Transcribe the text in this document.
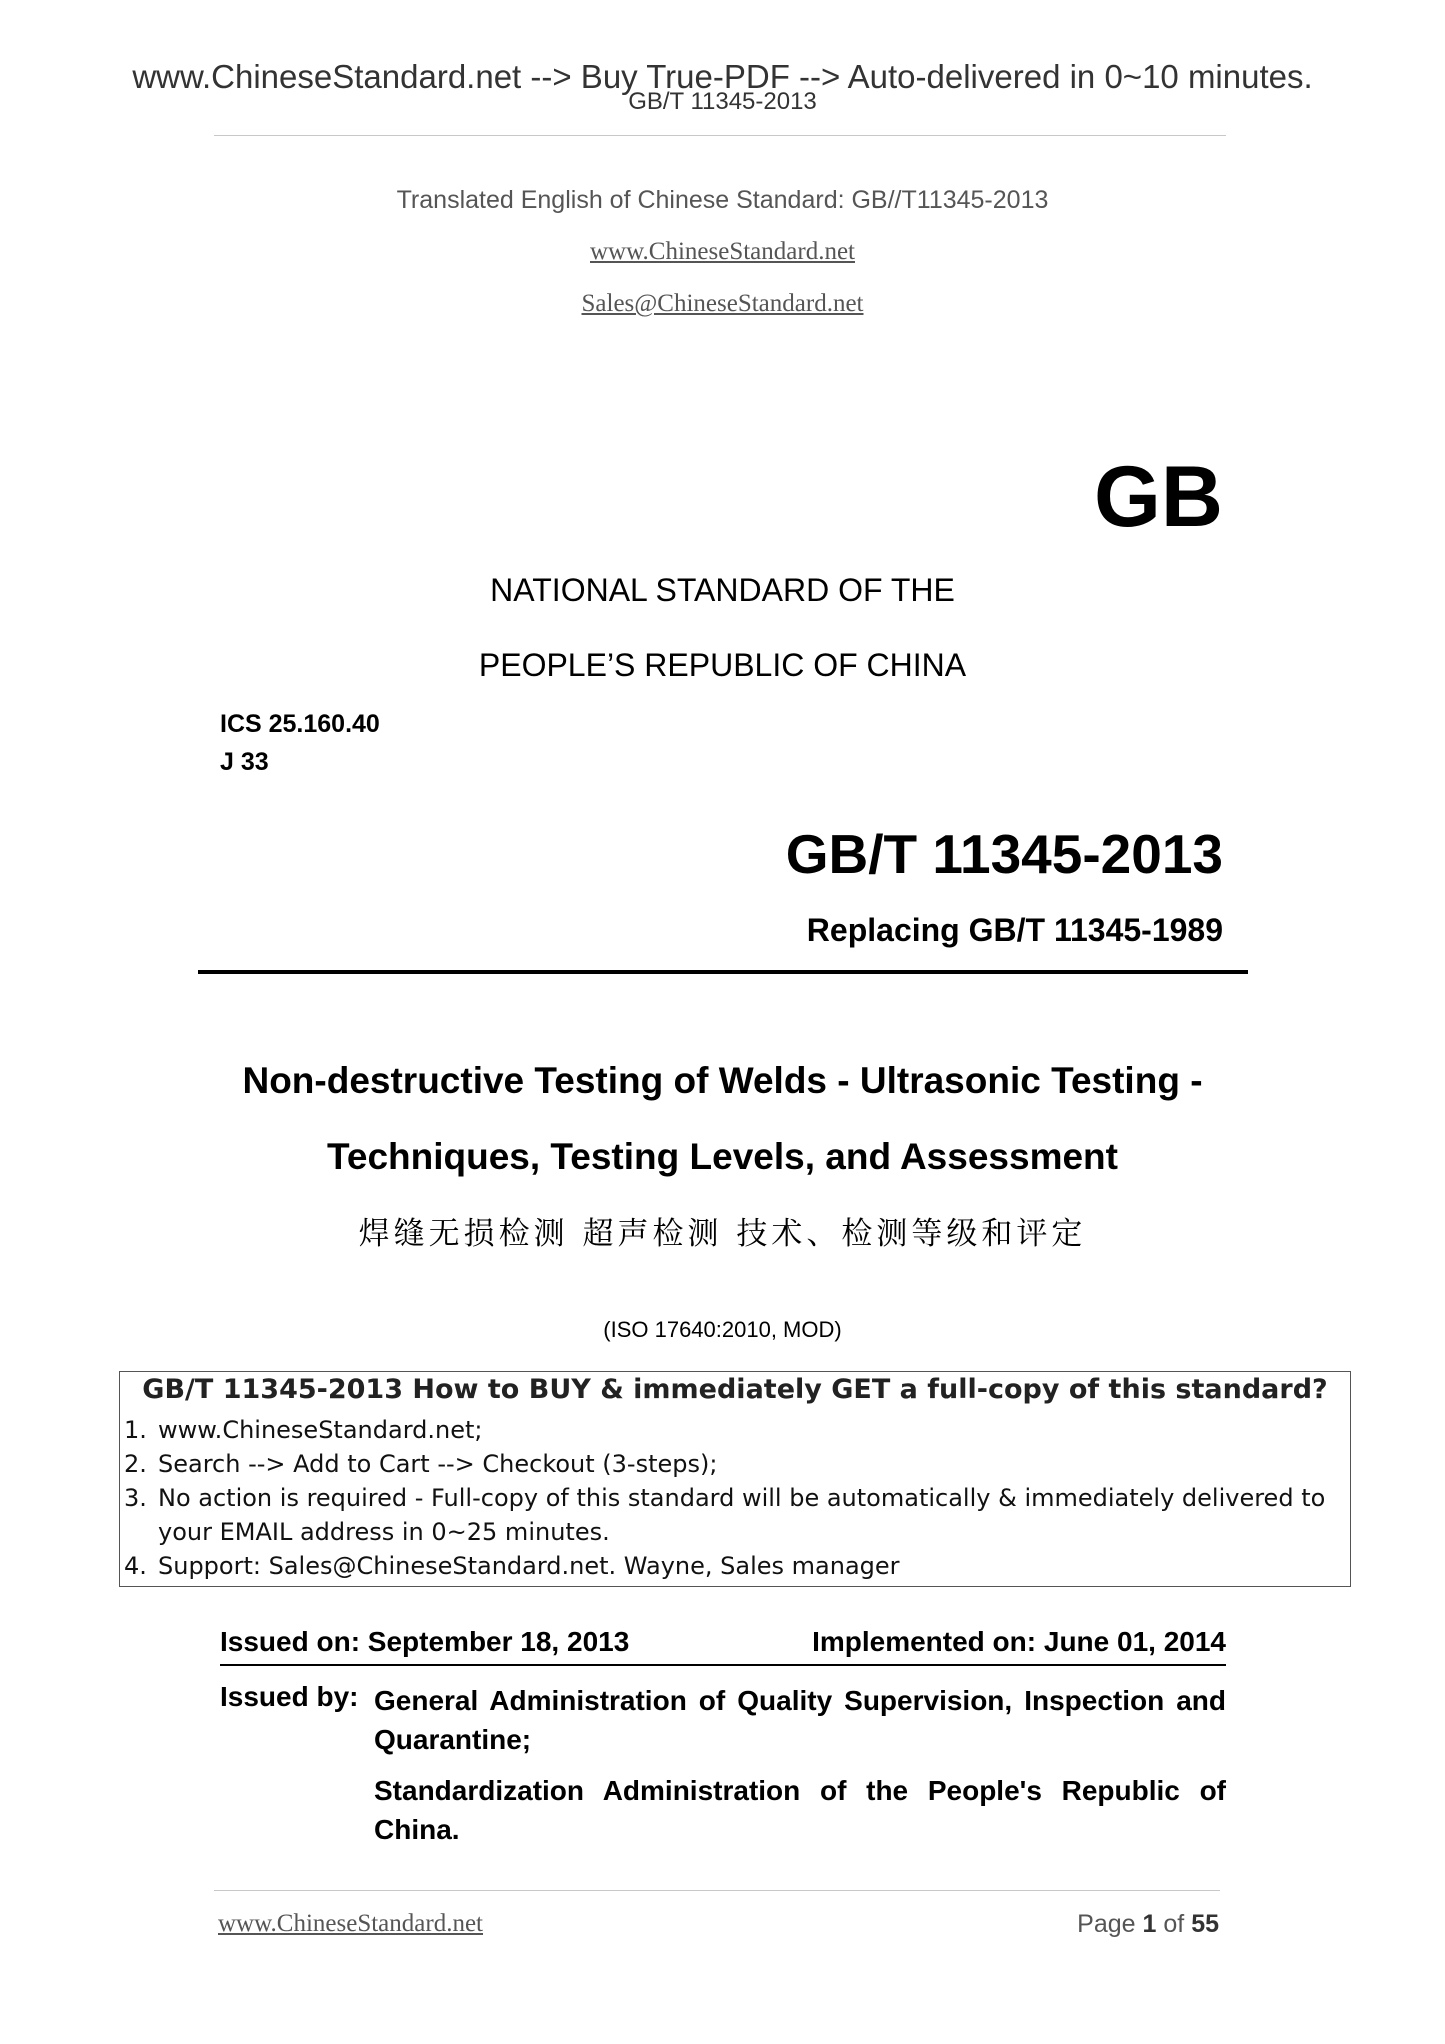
www.ChineseStandard.net --> Buy True-PDF --> Auto-delivered in 0~10 minutes.
GB/T 11345-2013
Translated English of Chinese Standard: GB//T11345-2013
www.ChineseStandard.net
Sales@ChineseStandard.net
GB
NATIONAL STANDARD OF THE
PEOPLE’S REPUBLIC OF CHINA
ICS 25.160.40
J 33
GB/T 11345-2013
Replacing GB/T 11345-1989
Non-destructive Testing of Welds - Ultrasonic Testing -
Techniques, Testing Levels, and Assessment
焊缝无损检测 超声检测 技术、检测等级和评定
(ISO 17640:2010, MOD)
GB/T 11345-2013 How to BUY & immediately GET a full-copy of this standard?
1. www.ChineseStandard.net;
2. Search --> Add to Cart --> Checkout (3-steps);
3. No action is required - Full-copy of this standard will be automatically & immediately delivered to
your EMAIL address in 0~25 minutes.
4. Support: Sales@ChineseStandard.net. Wayne, Sales manager
Issued on: September 18, 2013	Implemented on: June 01, 2014
Issued by: General Administration of Quality Supervision, Inspection and
Quarantine;
Standardization Administration of the People's Republic of
China.
www.ChineseStandard.net	Page 1 of 55
